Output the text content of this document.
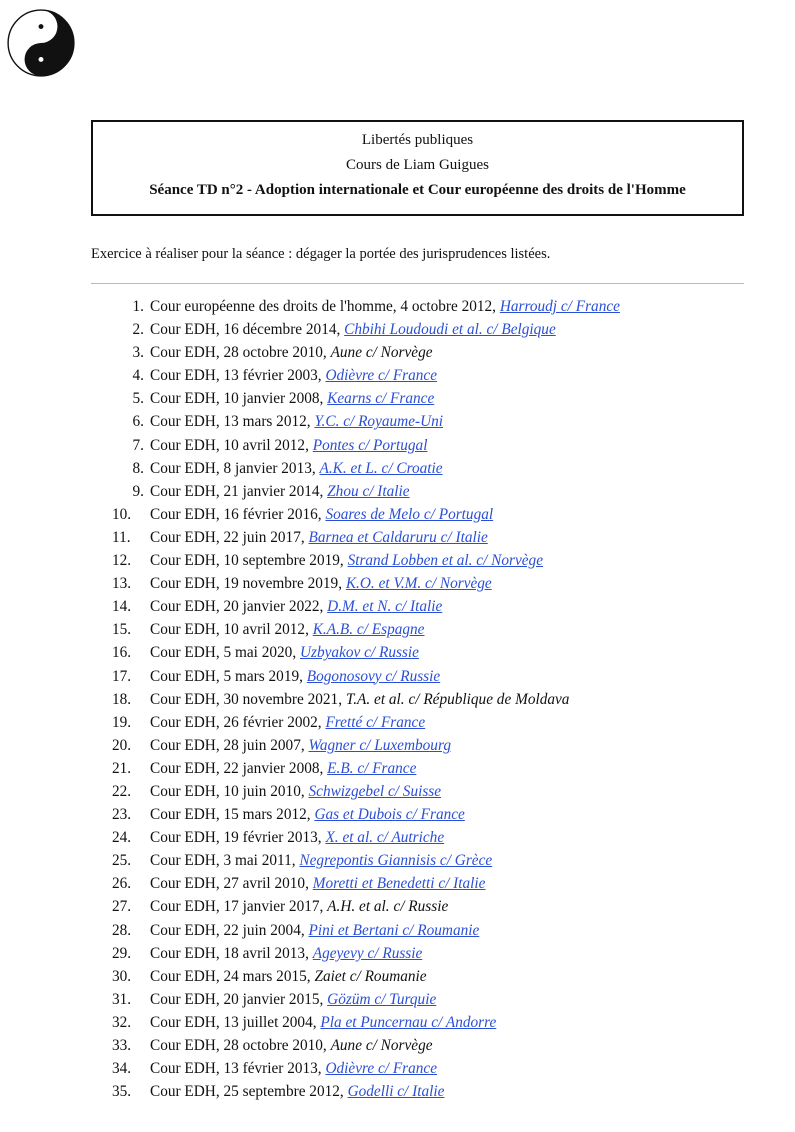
Libertés publiques
Cours de Liam Guigues
Séance TD n°2 - Adoption internationale et Cour européenne des droits de l'Homme
Exercice à réaliser pour la séance : dégager la portée des jurisprudences listées.
1. Cour européenne des droits de l'homme, 4 octobre 2012, Harroudj c/ France
2. Cour EDH, 16 décembre 2014, Chbihi Loudoudi et al. c/ Belgique
3. Cour EDH, 28 octobre 2010, Aune c/ Norvège
4. Cour EDH, 13 février 2003, Odièvre c/ France
5. Cour EDH, 10 janvier 2008, Kearns c/ France
6. Cour EDH, 13 mars 2012, Y.C. c/ Royaume-Uni
7. Cour EDH, 10 avril 2012, Pontes c/ Portugal
8. Cour EDH, 8 janvier 2013, A.K. et L. c/ Croatie
9. Cour EDH, 21 janvier 2014, Zhou c/ Italie
10. Cour EDH, 16 février 2016, Soares de Melo c/ Portugal
11. Cour EDH, 22 juin 2017, Barnea et Caldaruru c/ Italie
12. Cour EDH, 10 septembre 2019, Strand Lobben et al. c/ Norvège
13. Cour EDH, 19 novembre 2019, K.O. et V.M. c/ Norvège
14. Cour EDH, 20 janvier 2022, D.M. et N. c/ Italie
15. Cour EDH, 10 avril 2012, K.A.B. c/ Espagne
16. Cour EDH, 5 mai 2020, Uzbyakov c/ Russie
17. Cour EDH, 5 mars 2019, Bogonosovy c/ Russie
18. Cour EDH, 30 novembre 2021, T.A. et al. c/ République de Moldava
19. Cour EDH, 26 février 2002, Fretté c/ France
20. Cour EDH, 28 juin 2007, Wagner c/ Luxembourg
21. Cour EDH, 22 janvier 2008, E.B. c/ France
22. Cour EDH, 10 juin 2010, Schwizgebel c/ Suisse
23. Cour EDH, 15 mars 2012, Gas et Dubois c/ France
24. Cour EDH, 19 février 2013, X. et al. c/ Autriche
25. Cour EDH, 3 mai 2011, Negrepontis Giannisis c/ Grèce
26. Cour EDH, 27 avril 2010, Moretti et Benedetti c/ Italie
27. Cour EDH, 17 janvier 2017, A.H. et al. c/ Russie
28. Cour EDH, 22 juin 2004, Pini et Bertani c/ Roumanie
29. Cour EDH, 18 avril 2013, Ageyevy c/ Russie
30. Cour EDH, 24 mars 2015, Zaiet c/ Roumanie
31. Cour EDH, 20 janvier 2015, Gözüm c/ Turquie
32. Cour EDH, 13 juillet 2004, Pla et Puncernau c/ Andorre
33. Cour EDH, 28 octobre 2010, Aune c/ Norvège
34. Cour EDH, 13 février 2013, Odièvre c/ France
35. Cour EDH, 25 septembre 2012, Godelli c/ Italie
